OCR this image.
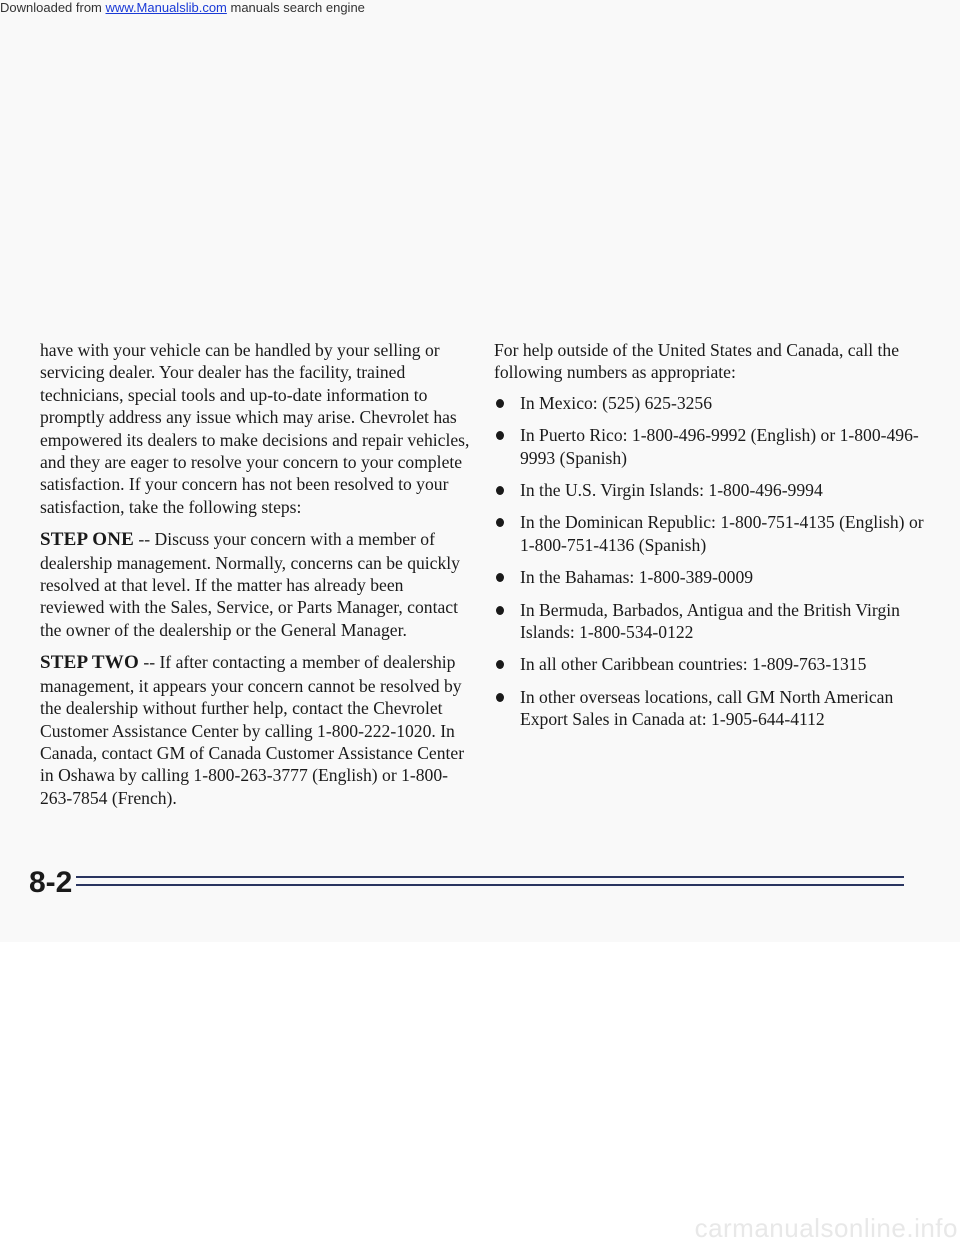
have with your vehicle can be handled by your selling or servicing dealer. Your dealer has the facility, trained technicians, special tools and up-to-date information to promptly address any issue which may arise. Chevrolet has empowered its dealers to make decisions and repair vehicles, and they are eager to resolve your concern to your complete satisfaction. If your concern has not been resolved to your satisfaction, take the following steps:

STEP ONE -- Discuss your concern with a member of dealership management. Normally, concerns can be quickly resolved at that level. If the matter has already been reviewed with the Sales, Service, or Parts Manager, contact the owner of the dealership or the General Manager.

STEP TWO -- If after contacting a member of dealership management, it appears your concern cannot be resolved by the dealership without further help, contact the Chevrolet Customer Assistance Center by calling 1-800-222-1020. In Canada, contact GM of Canada Customer Assistance Center in Oshawa by calling 1-800-263-3777 (English) or 1-800-263-7854 (French).

For help outside of the United States and Canada, call the following numbers as appropriate:

In Mexico: (525) 625-3256
In Puerto Rico: 1-800-496-9992 (English) or 1-800-496-9993 (Spanish)
In the U.S. Virgin Islands: 1-800-496-9994
In the Dominican Republic: 1-800-751-4135 (English) or 1-800-751-4136 (Spanish)
In the Bahamas: 1-800-389-0009
In Bermuda, Barbados, Antigua and the British Virgin Islands: 1-800-534-0122
In all other Caribbean countries: 1-809-763-1315
In other overseas locations, call GM North American Export Sales in Canada at: 1-905-644-4112
8-2
Downloaded from www.Manualslib.com manuals search engine
carmanualsonline.info
